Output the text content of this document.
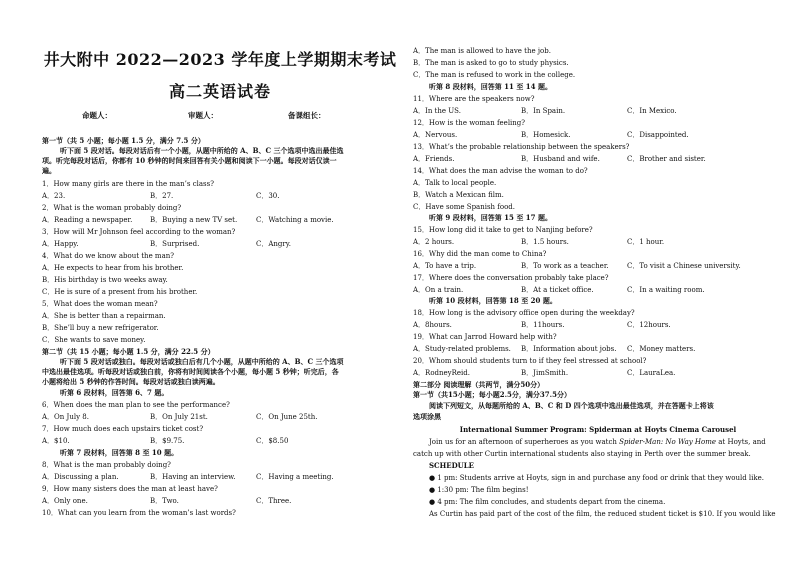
井大附中 2022—2023 学年度上学期期末考试
高二英语试卷
命题人：	审题人：	备课组长：
第一节（共 5 小题；每小题 1.5 分，满分 7.5 分）
听下面 5 段对话。每段对话后有一个小题，从题中所给的 A、B、C 三个选项中选出最佳选
项。听完每段对话后，你都有 10 秒钟的时间来回答有关小题和阅读下一小题。每段对话仅读一
遍。
1．How many girls are there in the man’s class?
A．23.	B．27.	C．30.
2．What is the woman probably doing?
A．Reading a newspaper.	B．Buying a new TV set.	C．Watching a movie.
3．How will Mr Johnson feel according to the woman?
A．Happy.	B．Surprised.	C．Angry.
4．What do we know about the man?
A．He expects to hear from his brother.
B．His birthday is two weeks away.
C．He is sure of a present from his brother.
5．What does the woman mean?
A．She is better than a repairman.
B．She’ll buy a new refrigerator.
C．She wants to save money.
第二节（共 15 小题；每小题 1.5 分，满分 22.5 分）
听下面 5 段对话或独白。每段对话或独白后有几个小题，从题中所给的 A、B、C 三个选项
中选出最佳选项。听每段对话或独白前，你将有时间阅读各个小题，每小题 5 秒钟；听完后，各
小题将给出 5 秒钟的作答时间。每段对话或独白读两遍。
听第 6 段材料，回答第 6、7 题。
6．When does the man plan to see the performance?
A．On July 8.	B．On July 21st.	C．On June 25th.
7．How much does each upstairs ticket cost?
A．$10.	B．$9.75.	C．$8.50
听第 7 段材料，回答第 8 至 10 题。
8．What is the man probably doing?
A．Discussing a plan.	B．Having an interview.	C．Having a meeting.
9．How many sisters does the man at least have?
A．Only one.	B．Two.	C．Three.
10．What can you learn from the woman’s last words?
A．The man is allowed to have the job.
B．The man is asked to go to study physics.
C．The man is refused to work in the college.
听第 8 段材料，回答第 11 至 14 题。
11．Where are the speakers now?
A．In the US.	B．In Spain.	C．In Mexico.
12．How is the woman feeling?
A．Nervous.	B．Homesick.	C．Disappointed.
13．What’s the probable relationship between the speakers?
A．Friends.	B．Husband and wife.	C．Brother and sister.
14．What does the man advise the woman to do?
A．Talk to local people.
B．Watch a Mexican film.
C．Have some Spanish food.
听第 9 段材料，回答第 15 至 17 题。
15．How long did it take to get to Nanjing before?
A．2 hours.	B．1.5 hours.	C．1 hour.
16．Why did the man come to China?
A．To have a trip.	B．To work as a teacher.	C．To visit a Chinese university.
17．Where does the conversation probably take place?
A．On a train.	B．At a ticket office.	C．In a waiting room.
听第 10 段材料，回答第 18 至 20 题。
18．How long is the advisory office open during the weekday?
A．8hours.	B．11hours.	C．12hours.
19．What can Jarrod Howard help with?
A．Study-related problems. B．Information about jobs. C．Money matters.
20．Whom should students turn to if they feel stressed at school?
A．RodneyReid.	B．JimSmith.	C．LauraLea.
第二部分 阅读理解（共两节，满分50分）
第一节（共15小题；每小题2.5分，满分37.5分）
阅读下列短文，从每题所给的 A、B、C 和 D 四个选项中选出最佳选项，并在答题卡上将该
选项涂黑
International Summer Program: Spiderman at Hoyts Cinema Carousel
Join us for an afternoon of superheroes as you watch Spider-Man: No Way Home at Hoyts, and
catch up with other Curtin international students also staying in Perth over the summer break.
SCHEDULE
● 1 pm: Students arrive at Hoyts, sign in and purchase any food or drink that they would like.
● 1:30 pm: The film begins!
● 4 pm: The film concludes, and students depart from the cinema.
As Curtin has paid part of the cost of the film, the reduced student ticket is $10. If you would like
